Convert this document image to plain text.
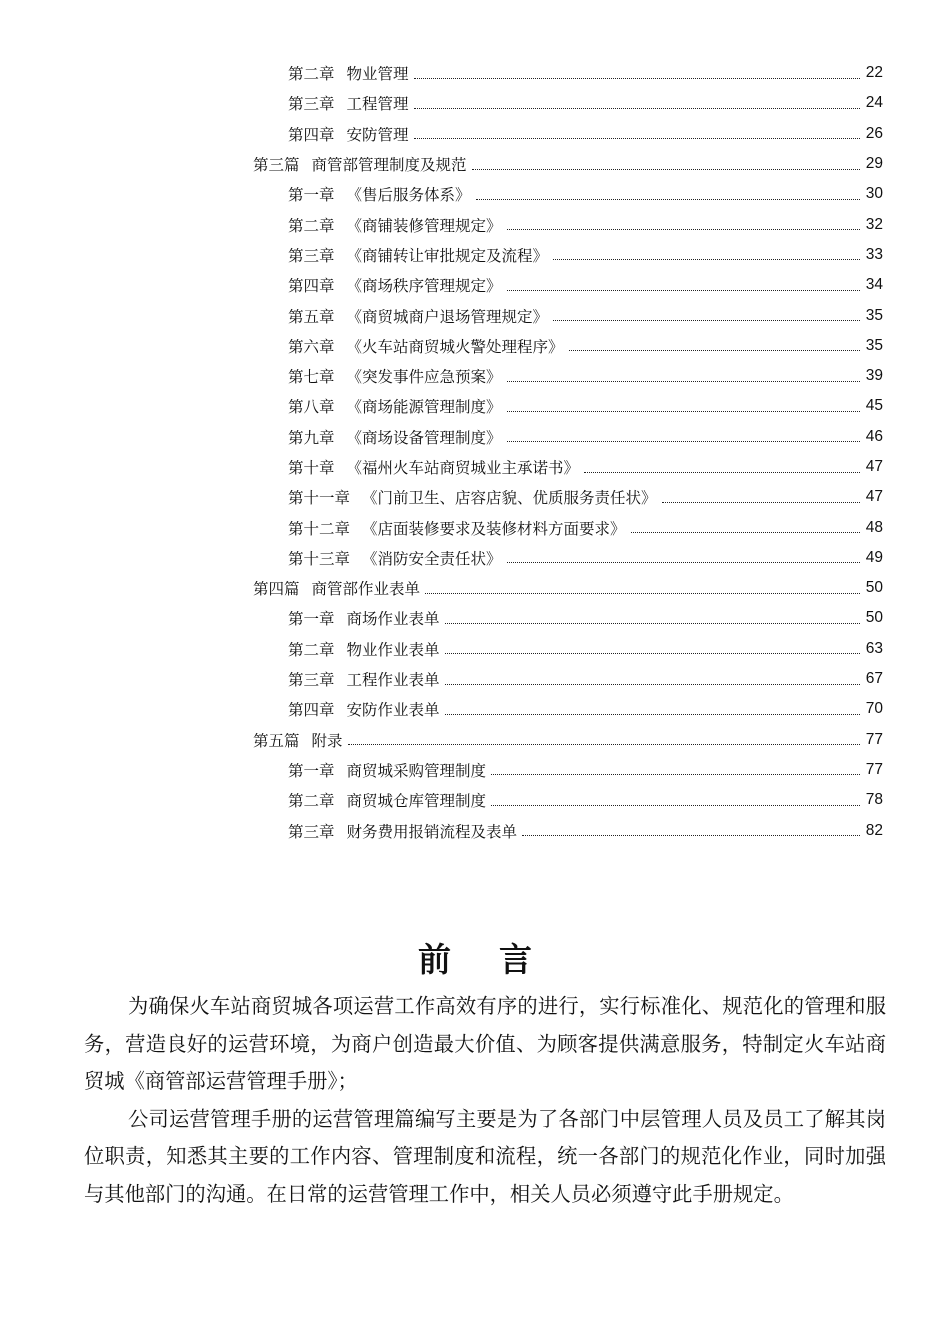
第二章 物业管理	22
第三章 工程管理	24
第四章 安防管理	26
第三篇 商管部管理制度及规范	29
第一章 《售后服务体系》	30
第二章 《商铺装修管理规定》	32
第三章 《商铺转让审批规定及流程》	33
第四章 《商场秩序管理规定》	34
第五章 《商贸城商户退场管理规定》	35
第六章 《火车站商贸城火警处理程序》	35
第七章 《突发事件应急预案》	39
第八章 《商场能源管理制度》	45
第九章 《商场设备管理制度》	46
第十章 《福州火车站商贸城业主承诺书》	47
第十一章 《门前卫生、店容店貌、优质服务责任状》	47
第十二章 《店面装修要求及装修材料方面要求》	48
第十三章 《消防安全责任状》	49
第四篇 商管部作业表单	50
第一章 商场作业表单	50
第二章 物业作业表单	63
第三章 工程作业表单	67
第四章 安防作业表单	70
第五篇 附录	77
第一章 商贸城采购管理制度	77
第二章 商贸城仓库管理制度	78
第三章 财务费用报销流程及表单	82
前言

为确保火车站商贸城各项运营工作高效有序的进行，实行标准化、规范化的管理和服务，营造良好的运营环境，为商户创造最大价值、为顾客提供满意服务，特制定火车站商贸城《商管部运营管理手册》；

公司运营管理手册的运营管理篇编写主要是为了各部门中层管理人员及员工了解其岗位职责，知悉其主要的工作内容、管理制度和流程，统一各部门的规范化作业，同时加强与其他部门的沟通。在日常的运营管理工作中，相关人员必须遵守此手册规定。
